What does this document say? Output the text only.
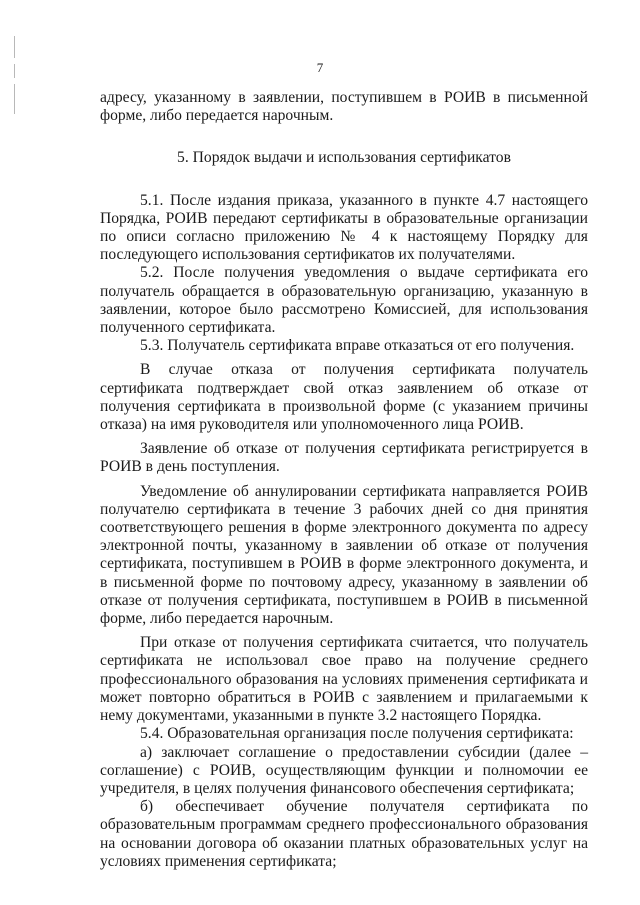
7

адресу, указанному в заявлении, поступившем в РОИВ в письменной форме, либо передается нарочным.

5. Порядок выдачи и использования сертификатов

5.1. После издания приказа, указанного в пункте 4.7 настоящего Порядка, РОИВ передают сертификаты в образовательные организации по описи согласно приложению № 4 к настоящему Порядку для последующего использования сертификатов их получателями.

5.2. После получения уведомления о выдаче сертификата его получатель обращается в образовательную организацию, указанную в заявлении, которое было рассмотрено Комиссией, для использования полученного сертификата.

5.3. Получатель сертификата вправе отказаться от его получения.

В случае отказа от получения сертификата получатель сертификата подтверждает свой отказ заявлением об отказе от получения сертификата в произвольной форме (с указанием причины отказа) на имя руководителя или уполномоченного лица РОИВ.

Заявление об отказе от получения сертификата регистрируется в РОИВ в день поступления.

Уведомление об аннулировании сертификата направляется РОИВ получателю сертификата в течение 3 рабочих дней со дня принятия соответствующего решения в форме электронного документа по адресу электронной почты, указанному в заявлении об отказе от получения сертификата, поступившем в РОИВ в форме электронного документа, и в письменной форме по почтовому адресу, указанному в заявлении об отказе от получения сертификата, поступившем в РОИВ в письменной форме, либо передается нарочным.

При отказе от получения сертификата считается, что получатель сертификата не использовал свое право на получение среднего профессионального образования на условиях применения сертификата и может повторно обратиться в РОИВ с заявлением и прилагаемыми к нему документами, указанными в пункте 3.2 настоящего Порядка.

5.4. Образовательная организация после получения сертификата:

а) заключает соглашение о предоставлении субсидии (далее – соглашение) с РОИВ, осуществляющим функции и полномочии ее учредителя, в целях получения финансового обеспечения сертификата;

б) обеспечивает обучение получателя сертификата по образовательным программам среднего профессионального образования на основании договора об оказании платных образовательных услуг на условиях применения сертификата;
